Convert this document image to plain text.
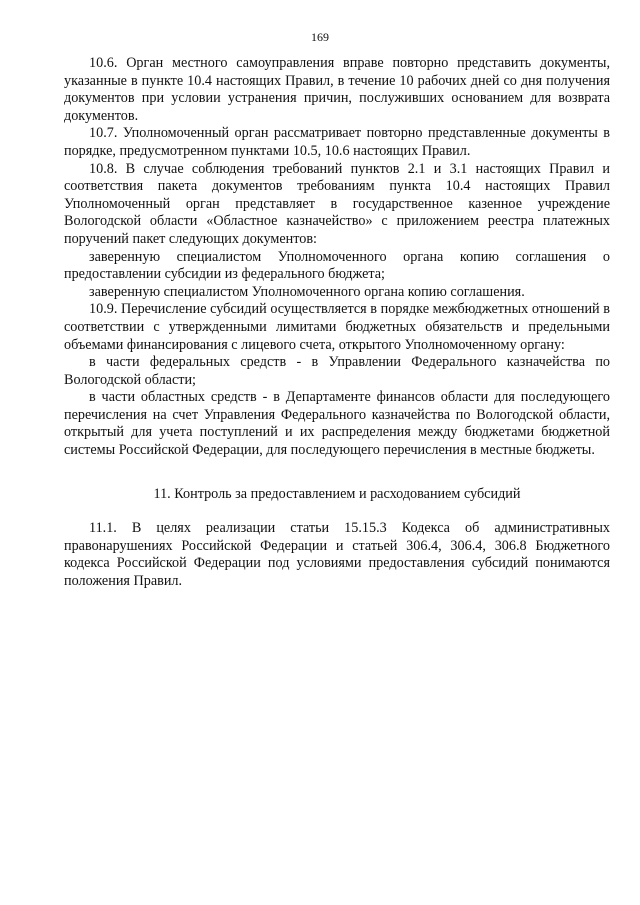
169

10.6. Орган местного самоуправления вправе повторно представить документы, указанные в пункте 10.4 настоящих Правил, в течение 10 рабочих дней со дня получения документов при условии устранения причин, послуживших основанием для возврата документов.

10.7. Уполномоченный орган рассматривает повторно представленные документы в порядке, предусмотренном пунктами 10.5, 10.6 настоящих Правил.

10.8. В случае соблюдения требований пунктов 2.1 и 3.1 настоящих Правил и соответствия пакета документов требованиям пункта 10.4 настоящих Правил Уполномоченный орган представляет в государственное казенное учреждение Вологодской области «Областное казначейство» с приложением реестра платежных поручений пакет следующих документов:

заверенную специалистом Уполномоченного органа копию соглашения о предоставлении субсидии из федерального бюджета;

заверенную специалистом Уполномоченного органа копию соглашения.

10.9. Перечисление субсидий осуществляется в порядке межбюджетных отношений в соответствии с утвержденными лимитами бюджетных обязательств и предельными объемами финансирования с лицевого счета, открытого Уполномоченному органу:

в части федеральных средств - в Управлении Федерального казначейства по Вологодской области;

в части областных средств - в Департаменте финансов области для последующего перечисления на счет Управления Федерального казначейства по Вологодской области, открытый для учета поступлений и их распределения между бюджетами бюджетной системы Российской Федерации, для последующего перечисления в местные бюджеты.

11. Контроль за предоставлением и расходованием субсидий

11.1. В целях реализации статьи 15.15.3 Кодекса об административных правонарушениях Российской Федерации и статьей 306.4, 306.4, 306.8 Бюджетного кодекса Российской Федерации под условиями предоставления субсидий понимаются положения Правил.
